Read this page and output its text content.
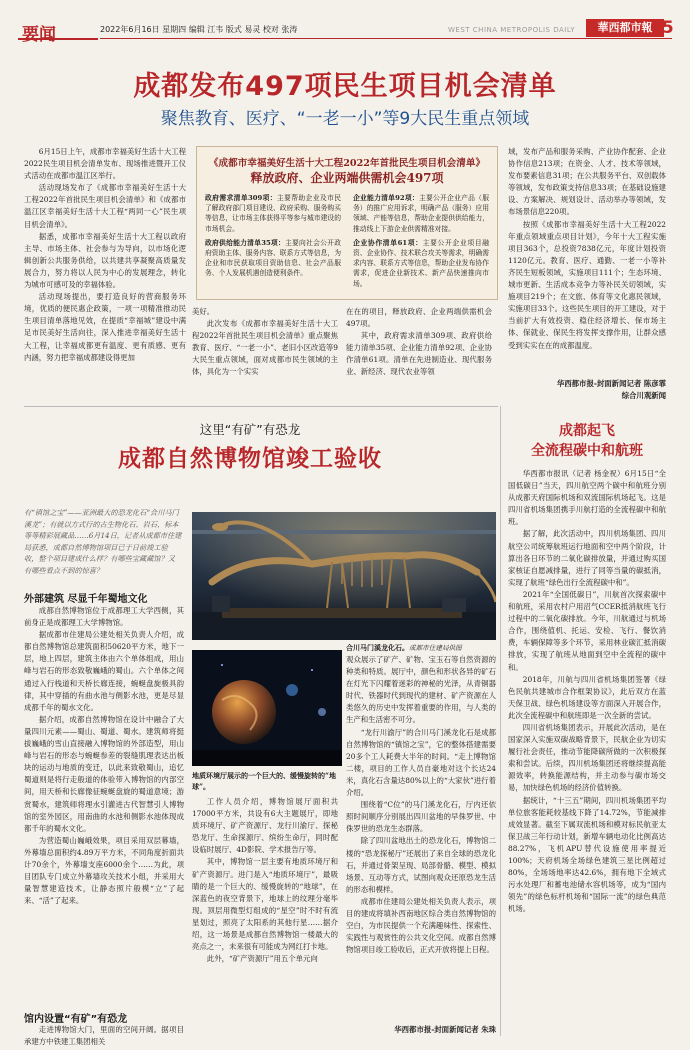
要闻	2022年6月16日 星期四 编辑 江韦 版式 易灵 校对 张涛	WEST CHINA METROPOLIS DAILY	華西都市報
05
成都发布497项民生项目机会清单
聚焦教育、医疗、“一老一小”等9大民生重点领域

6月15日上午，成都市幸福美好生活十大工程2022民生项目机会清单发布、现场推进暨开工仪式活动在成都市温江区举行。

活动现场发布了《成都市幸福美好生活十大工程2022年首批民生项目机会清单》和《成都市温江区幸福美好生活十大工程“两同一心”民生项目机会清单》。

据悉，成都市幸福美好生活十大工程以政府主导、市场主体、社会参与为导向，以市场化逻辑创新公共服务供给，以共建共享凝聚高质量发展合力，努力将以人民为中心的发展理念，转化为城市可感可及的幸福体验。

活动现场提出，要打造良好的营商服务环境，优质的便民惠企政策，一项一项精准推动民生项目清单落地见效，在提质“幸福城”建设中满足市民美好生活向往，深入推进幸福美好生活十大工程，让幸福成都更有温度、更有质感、更有内涵，努力把幸福成都建设得更加

《成都市幸福美好生活十大工程2022年首批民生项目机会清单》
释放政府、企业两端供需机会497项
政府需求清单309项：主要帮助企业及市民了解政府部门项目建设、政府采购、服务购买等信息，让市场主体获得平等参与城市建设的市场机会。
政府供给能力清单35项：主要向社会公开政府资助主体、服务内容、联系方式等信息，为企业和市民获取项目资助信息、社会产品服务、个人发展机遇创造便利条件。
企业能力清单92项：主要公开企业产品（服务）的推广应用诉求，明确产品（服务）应用领域、产能等信息，帮助企业提供供给能力，推动线上下游企业供需精准对接。
企业协作清单61项：主要公开企业项目融资、企业协作、技术联合攻关等需求，明确需求内容、联系方式等信息，帮助企业发布协作需求，促进企业新技术、新产品快速推向市场。

美好。

此次发布《成都市幸福美好生活十大工程2022年首批民生项目机会清单》重点聚焦教育、医疗、“一老一小”、老旧小区改造等9大民生重点领域，面对成都市民生领域的主体，具化为一个实实

在在的项目，释放政府、企业两端供需机会497项。

其中，政府需求清单309项、政府供给能力清单35项、企业能力清单92项、企业协作清单61项。清单在先进制造业、现代服务业、新经济、现代农业等领

域，发布产品和服务采购、产业协作配套、企业协作信息213项；在资金、人才、技术等领域，发布要素信息31项；在公共服务平台、双创载体等领域，发布政策支持信息33项；在基础设施建设、方案解决、规划设计、活动举办等领域，发布场景信息220项。

按照《成都市幸福美好生活十大工程2022年重点领域重点项目计划》，今年十大工程实施项目363个，总投资7838亿元，年度计划投资1120亿元。教育、医疗、通勤、一老一小等补齐民生短板领域，实施项目111个；生态环境、城市更新、生活成本竞争力等补民关切领域，实施项目219个；在文旅、体育等文化惠民领域，实施项目33个。这些民生项目的开工建设，对于当前扩大有效投资、稳住经济增长、保市场主体、保就业、保民生将发挥支撑作用，让群众感受到实实在在的成都温度。

华西都市报-封面新闻记者 陈彦霏
综合川观新闻
这里“有矿”有恐龙
成都自然博物馆竣工验收
有“镇馆之宝”——亚洲最大的恐龙化石“合川马门溪龙”；有就以方式行的古生物化石、岩石、标本等等精彩展藏品……6月14日，记者从成都市住建局获悉，成都自然博物馆项目已于日前竣工验收，整个项目建成什么样？有哪些宝藏藏馆？又有哪些看点不到的惊喜？
外部建筑 尽显千年蜀地文化

成都自然博物馆位于成都理工大学西侧，其前身正是成都理工大学博物馆。

据成都市住建局公建处相关负责人介绍，成都自然博物馆总建筑面积50620平方米，地下一层，地上四层，建筑主体由六个单体组成，用山峰与岩石的形态致敬巍峨的蜀山。六个单体之间通过入行栈道和天桥长廊连接，蜿蜒盘旋极具韵律，其中穿插的有曲水池与侧影水池，更是尽显成都千年的蜀水文化。

据介绍，成都自然博物馆在设计中融合了大量四川元素——蜀山、蜀道、蜀水。建筑师将挺拔巍峨的雪山直接融入博物馆的外部造型，用山峰与岩石的形态与蜿蜒参差的裂缝肌理表达出板块的运动与地质的变迁，以此来致敬蜀山，追忆蜀道则是将行走般道的体验带入博物馆的内部空间，用天桥和长廊像征蜿蜒盘旋的蜀道意境；游赏蜀水，建筑师将理水引灌进古代智慧引人博物馆的室外园区，用南曲的水池和侧影水池体现成都千年的蜀水文化。

为营造蜀山巍峨效果，项目采用双层幕墙，外幕墙总面积约4.89万平方米，不同角度折面共计70余个，外幕墙支座6000余个……为此，项目团队专门成立外幕墙攻关技术小组，并采用大量智慧建造技术，让静态照片般模“立”了起来、“活”了起来。

馆内设置“有矿”有恐龙

走进博物馆大门，里面的空间开阔。据项目承建方中铁建工集团相关

合川马门溪龙化石。成都市住建局供图
地质环境厅展示的一个巨大的、缓慢旋转的“地球”。

工作人员介绍，博物馆展厅面积共17000平方米，共设有6大主题展厅，即地质环境厅、矿产资源厅、龙行川渝厅、探秘恐龙厅、生命探源厅、缤纷生命厅，同时配设临时展厅、4D影院、学术报告厅等。

其中，博物馆一层主要有地质环境厅和矿产资源厅。进门是入“地质环境厅”，最吸睛的是一个巨大的、缓慢旋转的“地球”，在深蓝色的夜空背景下，地球上的纹理分毫毕现。顶层用微型灯组成的“星空”时不时有流星划过，照亮了太阳系的其他行星……据介绍，这一场景是成都自然博物馆一楼最大的亮点之一，未来很有可能成为网红打卡地。

此外，“矿产资源厅”用五个单元向

观众展示了矿产、矿物、宝玉石等自然资源的种类和特质。展厅中，颜色和形状各异的矿石在灯光下闪耀着迷彩的神秘的光泽，从青铜器时代、铁器时代到现代的建材、矿产资源在人类悠久的历史中发挥着重要的作用，与人类的生产和生活密不可分。

“龙行川渝厅”的合川马门溪龙化石是成都自然博物馆的“镇馆之宝”，它的整体搭建需要20多个工人耗费大半年的时间。“走上博物馆二楼，项目的工作人员自豪地对这个长达24米，真化石含量达80%以上的“大家伙”进行着介绍。

围绕着“C位”的马门溪龙化石，厅内还依照时间顺序分别展出四川盆地的早侏罗世、中侏罗世的恐龙生态群落。

除了四川盆地出土的恐龙化石，博物馆二楼的“恐龙探秘厅”还展出了来自全球的恐龙化石，并通过骨架呈现、局部骨骼、模型、模拟场景、互动等方式，试图向观众还原恐龙生活的形态和模样。

成都市住建局公建处相关负责人表示，项目的建成将填补西南地区综合类自然博物馆的空白，为市民提供一个充满趣味性、探索性、实践性与观赏性的公共文化空间。成都自然博物馆项目竣工验收后，正式开放将提上日程。

华西都市报-封面新闻记者 朱珠
成都起飞
全流程碳中和航班

华西都市报讯（记者 杨金祝）6月15日“全国低碳日”当天，四川航空两个碳中和航班分别从成都天府国际机场和双流国际机场起飞。这是四川省机场集团携手川航打造的全流程碳中和航班。

据了解，此次活动中，四川机场集团、四川航空公司统筹航班运行地面和空中两个阶段，计算出各日环节的二氧化碳排放量，并通过购买国家核证自愿减排量，进行了同等当量的碳抵消，实现了航班“绿色出行全流程碳中和”。

2021年“全国低碳日”，川航首次探索碳中和航班，采用农村户用沼气CCER抵消航班飞行过程中的二氧化碳排放。今年，川航通过与机场合作，围绕值机、托运、安检、飞行、餐饮消费，车辆保障等多个环节，采用林业碳汇抵消碳排放，实现了航班从地面到空中全流程的碳中和。

2018年，川航与四川省机场集团签署《绿色民航共建城市合作框架协议》，此后双方在蓝天保卫战、绿色机场建设等方面深入开展合作，此次全流程碳中和航班即是一次全新的尝试。

四川省机场集团表示，开展此次活动，是在国家深入实施双碳战略背景下，民航企业为切实履行社会责任，推动节能降碳所做的一次积极探索和尝试。后续，四川机场集团还将继续提高能源效率，转换能源结构，并主动参与碳市场交易，加快绿色机场的经济价值转换。

据统计，“十三五”期间，四川机场集团平均单位旅客能耗较基线下降了14.72%，节能减排成效显著。截至下属双流机场和模对标民航亚太保卫战三年行动计划，新增车辆电动化比例高达88.27%，飞机APU替代设施使用率提近100%；天府机场全场绿色建筑三星比例超过80%，全场场地率达42.6%，拥有地下全域式污水处理厂和蓄电池储水容机场等，成为“国内领先”的绿色标杆机场和“国际一流”的绿色典范机场。
